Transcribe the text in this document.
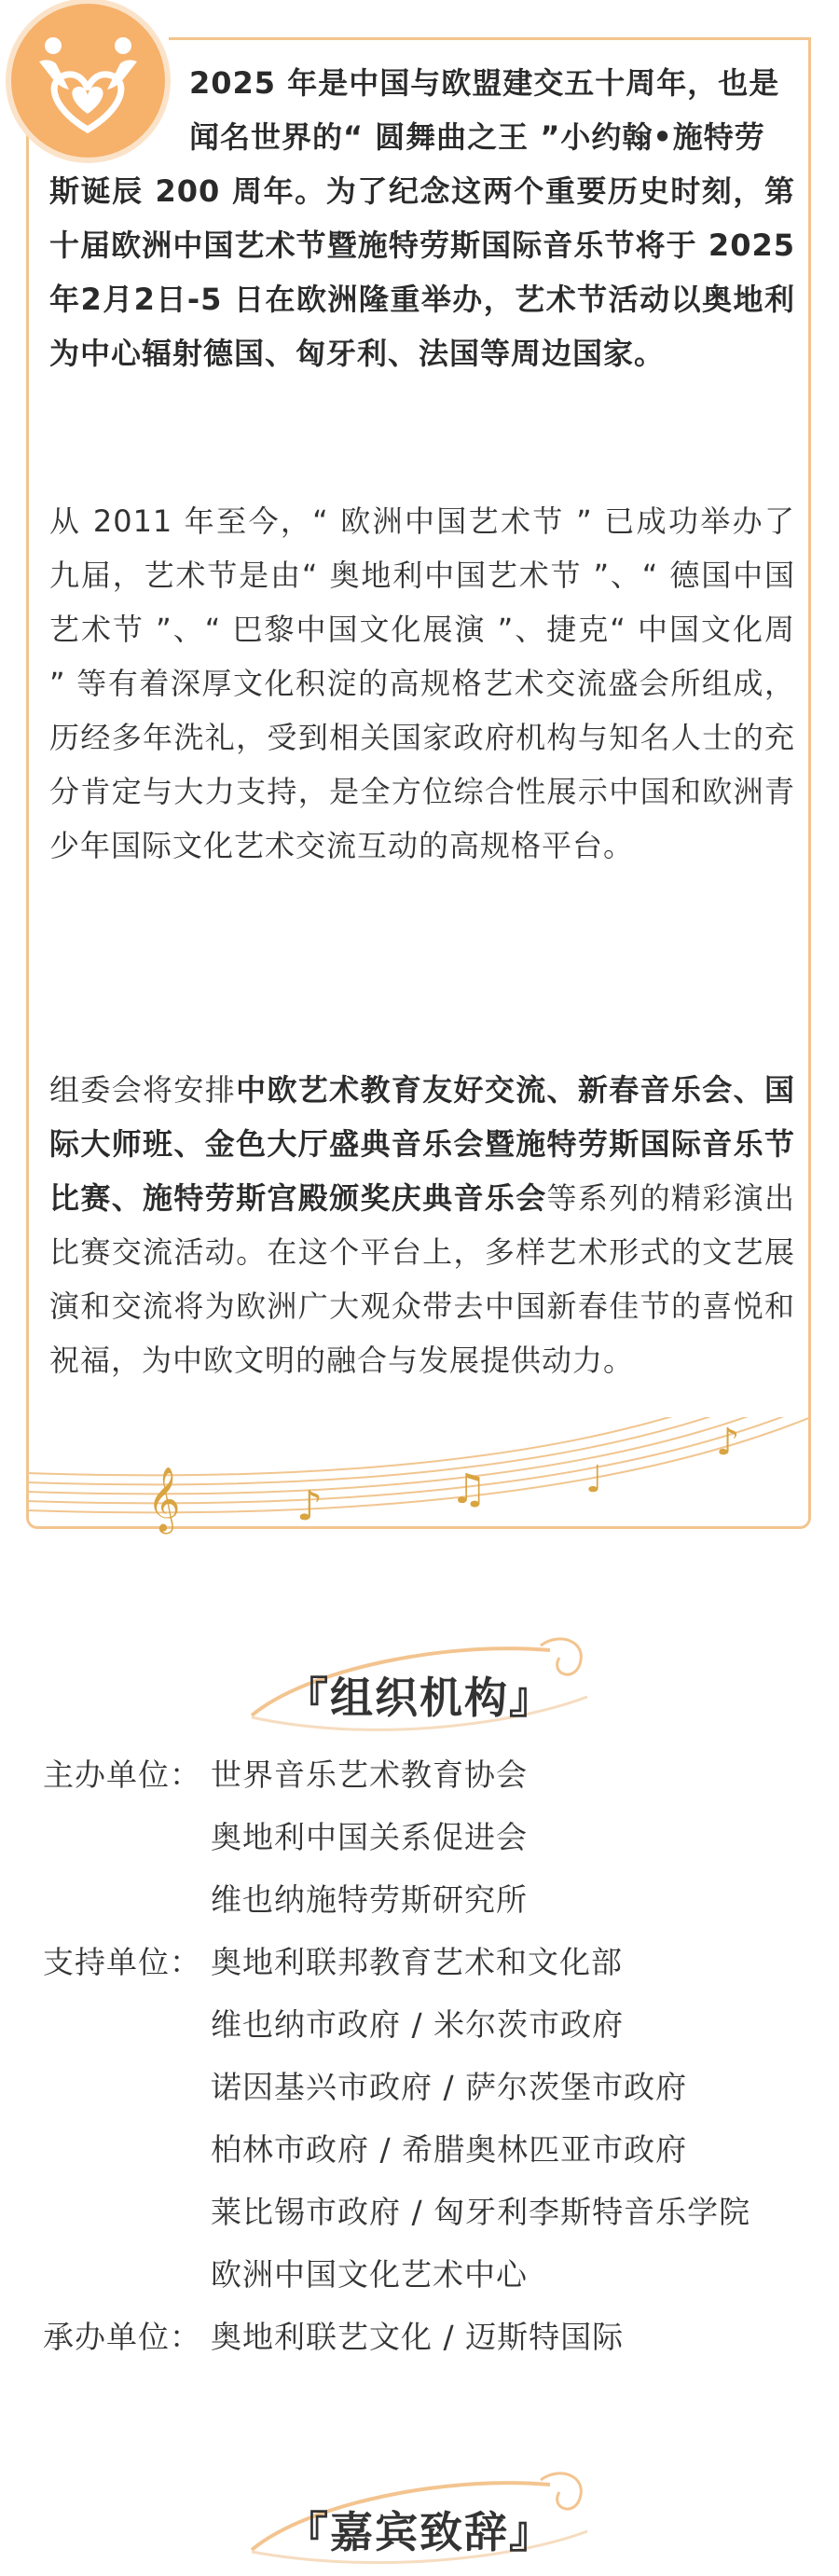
2025 年是中国与欧盟建交五十周年，也是
闻名世界的“ 圆舞曲之王 ”小约翰•施特劳
斯诞辰 200 周年。为了纪念这两个重要历史时刻，第十届欧洲中国艺术节暨施特劳斯国际音乐节将于 2025 年2月2日-5 日在欧洲隆重举办，艺术节活动以奥地利为中心辐射德国、匈牙利、法国等周边国家。

从 2011 年至今，“ 欧洲中国艺术节 ” 已成功举办了九届，艺术节是由“ 奥地利中国艺术节 ”、“ 德国中国艺术节 ”、“ 巴黎中国文化展演 ”、捷克“ 中国文化周 ” 等有着深厚文化积淀的高规格艺术交流盛会所组成，历经多年洗礼，受到相关国家政府机构与知名人士的充分肯定与大力支持，是全方位综合性展示中国和欧洲青少年国际文化艺术交流互动的高规格平台。

组委会将安排中欧艺术教育友好交流、新春音乐会、国际大师班、金色大厅盛典音乐会暨施特劳斯国际音乐节比赛、施特劳斯宫殿颁奖庆典音乐会等系列的精彩演出比赛交流活动。在这个平台上，多样艺术形式的文艺展演和交流将为欧洲广大观众带去中国新春佳节的喜悦和祝福，为中欧文明的融合与发展提供动力。

𝄞	♪	♫	♩
♪
『组织机构』
主办单位： 世界音乐艺术教育协会
奥地利中国关系促进会
维也纳施特劳斯研究所
支持单位： 奥地利联邦教育艺术和文化部
维也纳市政府 / 米尔茨市政府
诺因基兴市政府 / 萨尔茨堡市政府
柏林市政府 / 希腊奥林匹亚市政府
莱比锡市政府 / 匈牙利李斯特音乐学院
欧洲中国文化艺术中心
承办单位： 奥地利联艺文化 / 迈斯特国际
『嘉宾致辞』
